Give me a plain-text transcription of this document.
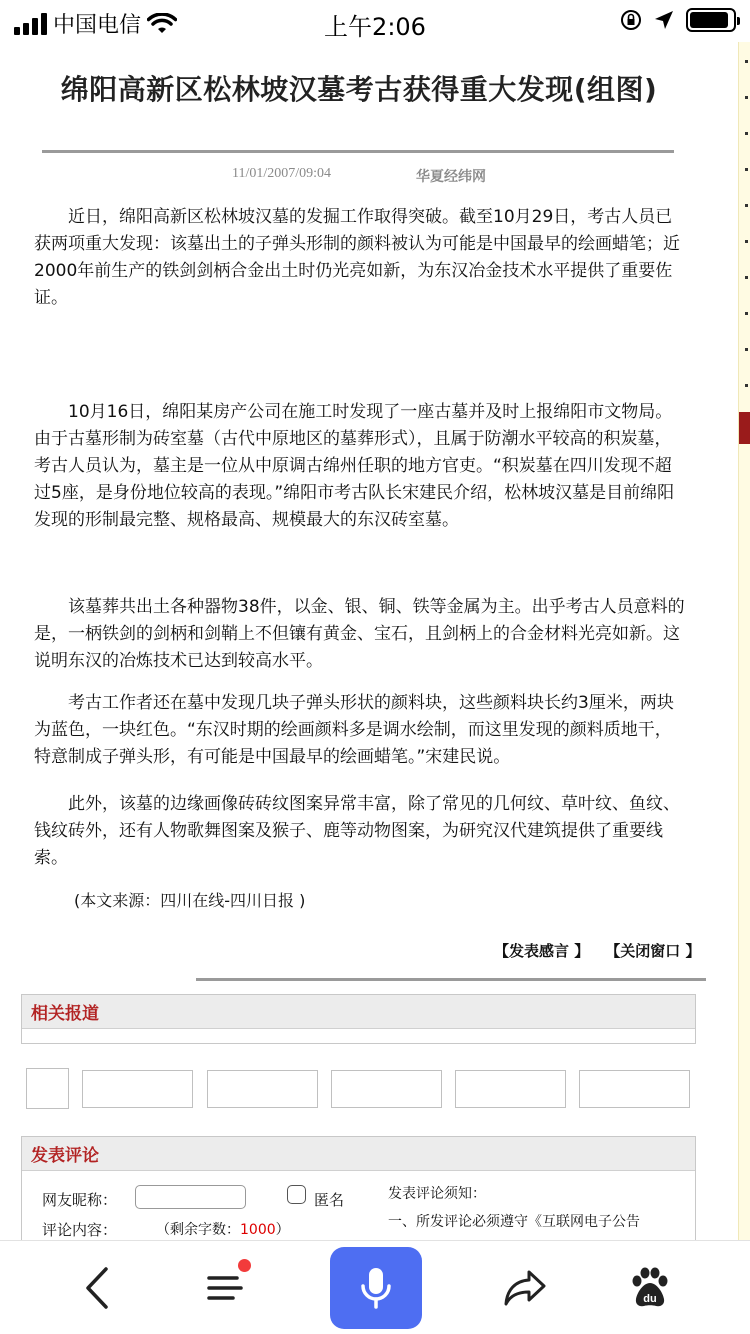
中国电信	上午2:06
绵阳高新区松林坡汉墓考古获得重大发现(组图)
11/01/2007/09:04	华夏经纬网

近日，绵阳高新区松林坡汉墓的发掘工作取得突破。截至10月29日，考古人员已获两项重大发现：该墓出土的子弹头形制的颜料被认为可能是中国最早的绘画蜡笔；近2000年前生产的铁剑剑柄合金出土时仍光亮如新，为东汉冶金技术水平提供了重要佐证。

10月16日，绵阳某房产公司在施工时发现了一座古墓并及时上报绵阳市文物局。由于古墓形制为砖室墓（古代中原地区的墓葬形式），且属于防潮水平较高的积炭墓，考古人员认为，墓主是一位从中原调古绵州任职的地方官吏。“积炭墓在四川发现不超过5座，是身份地位较高的表现。”绵阳市考古队长宋建民介绍，松林坡汉墓是目前绵阳发现的形制最完整、规格最高、规模最大的东汉砖室墓。

该墓葬共出土各种器物38件，以金、银、铜、铁等金属为主。出乎考古人员意料的是，一柄铁剑的剑柄和剑鞘上不但镶有黄金、宝石，且剑柄上的合金材料光亮如新。这说明东汉的冶炼技术已达到较高水平。

考古工作者还在墓中发现几块子弹头形状的颜料块，这些颜料块长约3厘米，两块为蓝色，一块红色。“东汉时期的绘画颜料多是调水绘制，而这里发现的颜料质地干，特意制成子弹头形，有可能是中国最早的绘画蜡笔。”宋建民说。

此外，该墓的边缘画像砖砖纹图案异常丰富，除了常见的几何纹、草叶纹、鱼纹、钱纹砖外，还有人物歌舞图案及猴子、鹿等动物图案，为研究汉代建筑提供了重要线索。

(本文来源：四川在线-四川日报 )
【发表感言 】 【关闭窗口 】
相关报道
发表评论
网友昵称：	匿名
评论内容：	（剩余字数：1000）
发表评论须知：
一、所发评论必须遵守《互联网电子公告
du
